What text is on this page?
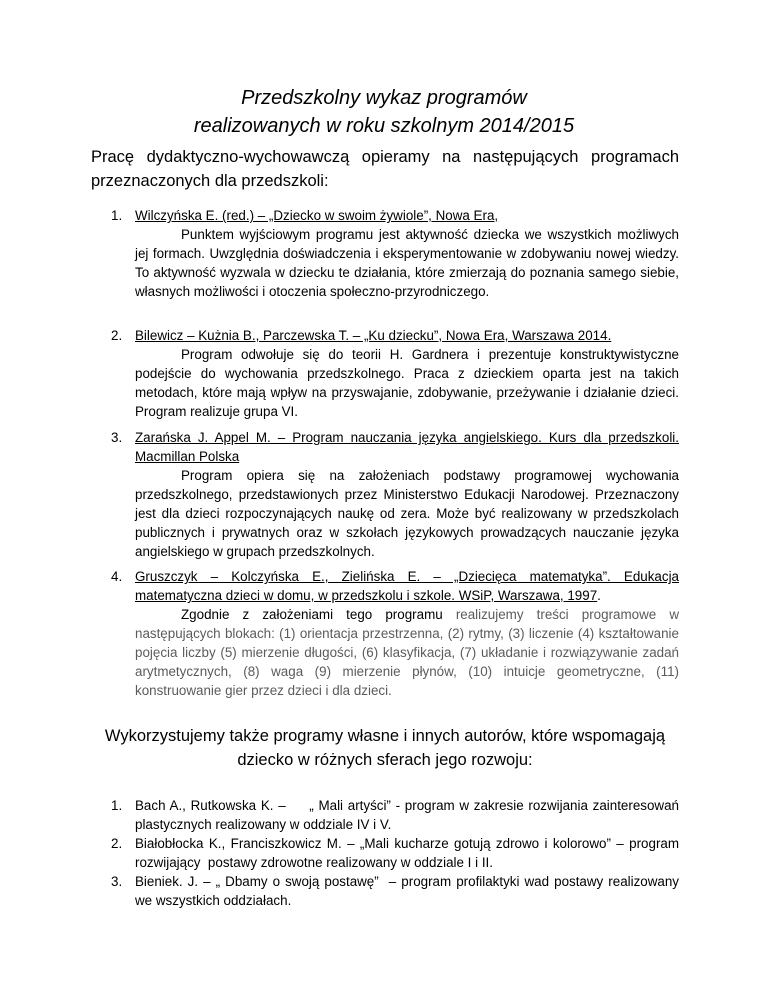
Przedszkolny wykaz programów
realizowanych w roku szkolnym 2014/2015
Pracę dydaktyczno-wychowawczą opieramy na następujących programach przeznaczonych dla przedszkoli:
1. Wilczyńska E. (red.) – „Dziecko w swoim żywiole”, Nowa Era,
Punktem wyjściowym programu jest aktywność dziecka we wszystkich możliwych jej formach. Uwzględnia doświadczenia i eksperymentowanie w zdobywaniu nowej wiedzy. To aktywność wyzwala w dziecku te działania, które zmierzają do poznania samego siebie, własnych możliwości i otoczenia społeczno-przyrodniczego.
2. Bilewicz – Kużnia B., Parczewska T. – „Ku dziecku”, Nowa Era, Warszawa 2014.
Program odwołuje się do teorii H. Gardnera i prezentuje konstruktywistyczne podejście do wychowania przedszkolnego. Praca z dzieckiem oparta jest na takich metodach, które mają wpływ na przyswajanie, zdobywanie, przeżywanie i działanie dzieci. Program realizuje grupa VI.
3. Zarańska J. Appel M. – Program nauczania języka angielskiego. Kurs dla przedszkoli. Macmillan Polska
Program opiera się na założeniach podstawy programowej wychowania przedszkolnego, przedstawionych przez Ministerstwo Edukacji Narodowej. Przeznaczony jest dla dzieci rozpoczynających naukę od zera. Może być realizowany w przedszkolach publicznych i prywatnych oraz w szkołach językowych prowadzących nauczanie języka angielskiego w grupach przedszkolnych.
4. Gruszczyk – Kolczyńska E., Zielińska E. – „Dziecięca matematyka”. Edukacja matematyczna dzieci w domu, w przedszkolu i szkole. WSiP, Warszawa, 1997.
Zgodnie z założeniami tego programu realizujemy treści programowe w następujących blokach: (1) orientacja przestrzenna, (2) rytmy, (3) liczenie (4) kształtowanie pojęcia liczby (5) mierzenie długości, (6) klasyfikacja, (7) układanie i rozwiązywanie zadań arytmetycznych, (8) waga (9) mierzenie płynów, (10) intuicje geometryczne, (11) konstruowanie gier przez dzieci i dla dzieci.
Wykorzystujemy także programy własne i innych autorów, które wspomagają
dziecko w różnych sferach jego rozwoju:
1. Bach A., Rutkowska K. –     „ Mali artyści” - program w zakresie rozwijania zainteresowań plastycznych realizowany w oddziale IV i V.
2. Białobłocka K., Franciszkowicz M. – „Mali kucharze gotują zdrowo i kolorowo” – program rozwijający  postawy zdrowotne realizowany w oddziale I i II.
3. Bieniek. J. – „ Dbamy o swoją postawę”  – program profilaktyki wad postawy realizowany we wszystkich oddziałach.
